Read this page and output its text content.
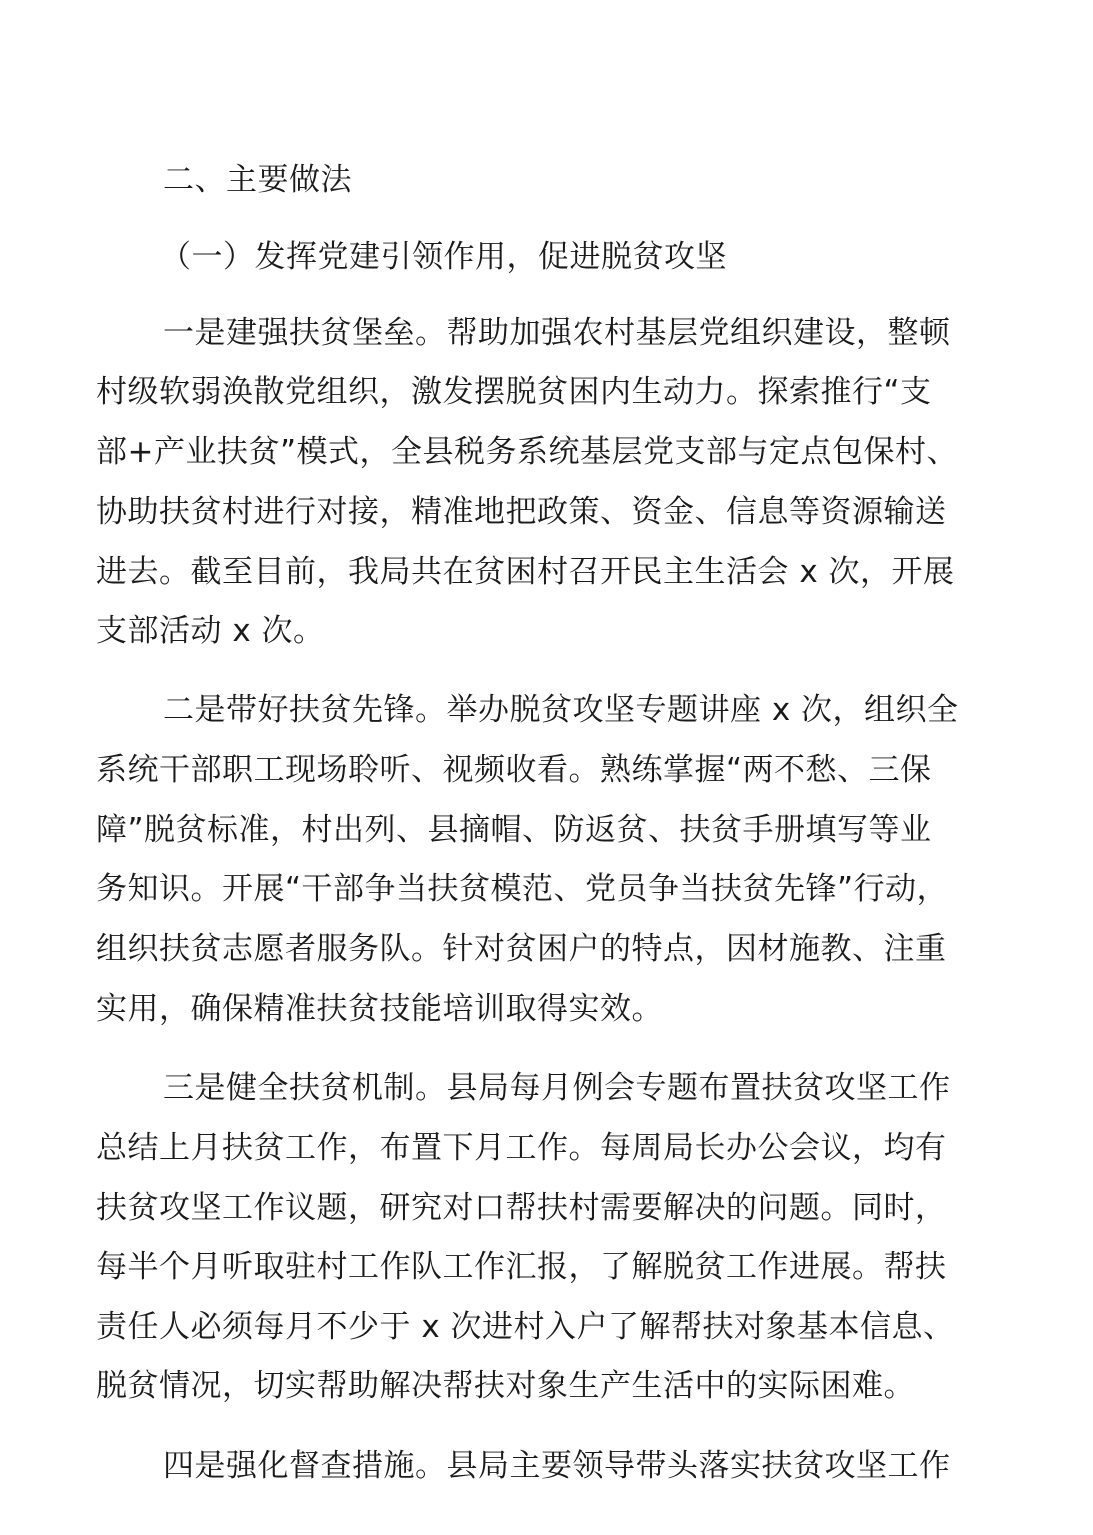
二、主要做法

（一）发挥党建引领作用，促进脱贫攻坚

一是建强扶贫堡垒。帮助加强农村基层党组织建设，整顿

村级软弱涣散党组织，激发摆脱贫困内生动力。探索推行“支

部+产业扶贫”模式，全县税务系统基层党支部与定点包保村、

协助扶贫村进行对接，精准地把政策、资金、信息等资源输送

进去。截至目前，我局共在贫困村召开民主生活会 x 次，开展

支部活动 x 次。

二是带好扶贫先锋。举办脱贫攻坚专题讲座 x 次，组织全

系统干部职工现场聆听、视频收看。熟练掌握“两不愁、三保

障”脱贫标准，村出列、县摘帽、防返贫、扶贫手册填写等业

务知识。开展“干部争当扶贫模范、党员争当扶贫先锋”行动，

组织扶贫志愿者服务队。针对贫困户的特点，因材施教、注重

实用，确保精准扶贫技能培训取得实效。

三是健全扶贫机制。县局每月例会专题布置扶贫攻坚工作

总结上月扶贫工作，布置下月工作。每周局长办公会议，均有

扶贫攻坚工作议题，研究对口帮扶村需要解决的问题。同时，

每半个月听取驻村工作队工作汇报，了解脱贫工作进展。帮扶

责任人必须每月不少于 x 次进村入户了解帮扶对象基本信息、

脱贫情况，切实帮助解决帮扶对象生产生活中的实际困难。

四是强化督查措施。县局主要领导带头落实扶贫攻坚工作
